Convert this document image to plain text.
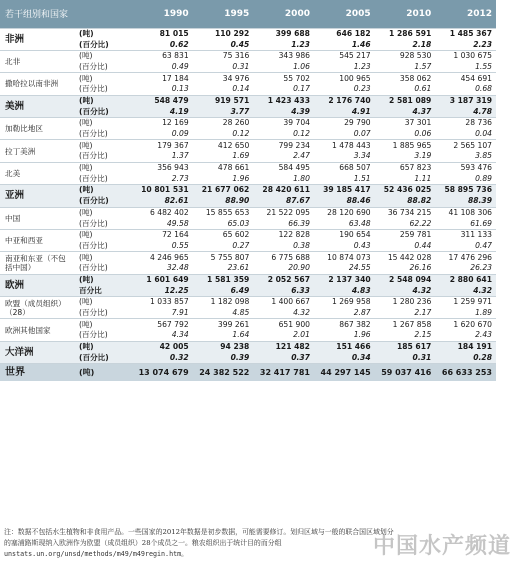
若干组别和国家		1990	1995	2000	2005	2010	2012
非洲	(吨)	81 015	110 292	399 688	646 182	1 286 591	1 485 367
	(百分比)	0.62	0.45	1.23	1.46	2.18	2.23
北非	(吨)	63 831	75 316	343 986	545 217	928 530	1 030 675
	(百分比)	0.49	0.31	1.06	1.23	1.57	1.55
撒哈拉以南非洲	(吨)	17 184	34 976	55 702	100 965	358 062	454 691
	(百分比)	0.13	0.14	0.17	0.23	0.61	0.68
美洲	(吨)	548 479	919 571	1 423 433	2 176 740	2 581 089	3 187 319
	(百分比)	4.19	3.77	4.39	4.91	4.37	4.78
加勒比地区	(吨)	12 169	28 260	39 704	29 790	37 301	28 736
	(百分比)	0.09	0.12	0.12	0.07	0.06	0.04
拉丁美洲	(吨)	179 367	412 650	799 234	1 478 443	1 885 965	2 565 107
	(百分比)	1.37	1.69	2.47	3.34	3.19	3.85
北美	(吨)	356 943	478 661	584 495	668 507	657 823	593 476
	(百分比)	2.73	1.96	1.80	1.51	1.11	0.89
亚洲	(吨)	10 801 531	21 677 062	28 420 611	39 185 417	52 436 025	58 895 736
	(百分比)	82.61	88.90	87.67	88.46	88.82	88.39
中国	(吨)	6 482 402	15 855 653	21 522 095	28 120 690	36 734 215	41 108 306
	(百分比)	49.58	65.03	66.39	63.48	62.22	61.69
中亚和西亚	(吨)	72 164	65 602	122 828	190 654	259 781	311 133
	(百分比)	0.55	0.27	0.38	0.43	0.44	0.47
南亚和东亚（不包括中国）	(吨)	4 246 965	5 755 807	6 775 688	10 874 073	15 442 028	17 476 296
	(百分比)	32.48	23.61	20.90	24.55	26.16	26.23
欧洲	(吨)	1 601 649	1 581 359	2 052 567	2 137 340	2 548 094	2 880 641
	百分比	12.25	6.49	6.33	4.83	4.32	4.32
欧盟（成员组织）（28）	(吨)	1 033 857	1 182 098	1 400 667	1 269 958	1 280 236	1 259 971
	(百分比)	7.91	4.85	4.32	2.87	2.17	1.89
欧洲其他国家	(吨)	567 792	399 261	651 900	867 382	1 267 858	1 620 670
	(百分比)	4.34	1.64	2.01	1.96	2.15	2.43
大洋洲	(吨)	42 005	94 238	121 482	151 466	185 617	184 191
	(百分比)	0.32	0.39	0.37	0.34	0.31	0.28
世界	(吨)	13 074 679	24 382 522	32 417 781	44 297 145	59 037 416	66 633 253
注：数据不包括水生植物和非食用产品。一些国家的2012年数据是初步数据，可能需要修订。划归区域与一般的联合国区域划分
的塞浦路斯现纳入欧洲作为欧盟（成员组织）28个成员之一。粮农组织出于统计目的而分组
unstats.un.org/unsd/methods/m49/m49regin.htm。	中国水产频道
